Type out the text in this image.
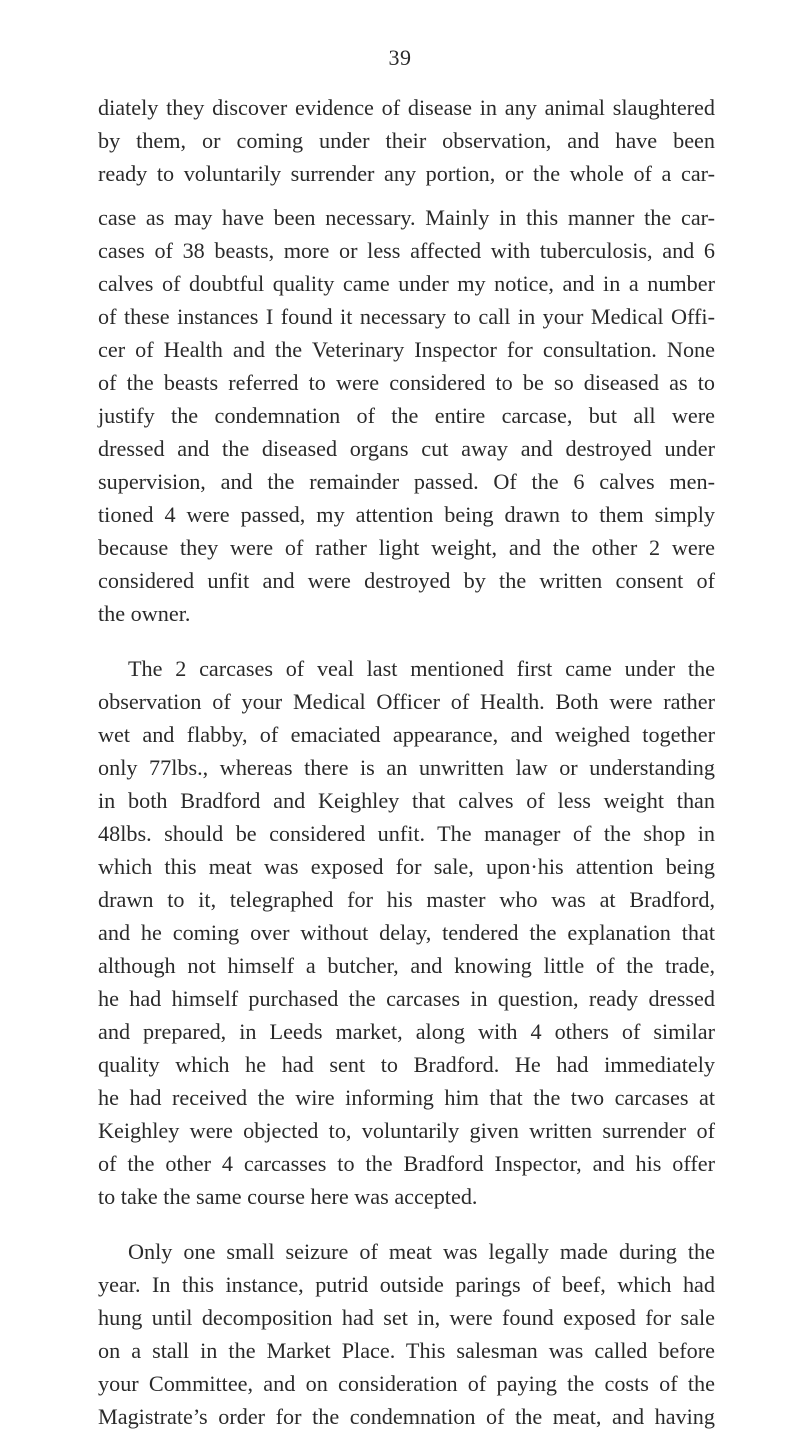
39

diately they discover evidence of disease in any animal slaughtered
by them, or coming under their observation, and have been
ready to voluntarily surrender any portion, or the whole of a car-
case as may have been necessary. Mainly in this manner the car-
cases of 38 beasts, more or less affected with tuberculosis, and 6
calves of doubtful quality came under my notice, and in a number
of these instances I found it necessary to call in your Medical Offi-
cer of Health and the Veterinary Inspector for consultation. None
of the beasts referred to were considered to be so diseased as to
justify the condemnation of the entire carcase, but all were
dressed and the diseased organs cut away and destroyed under
supervision, and the remainder passed. Of the 6 calves men-
tioned 4 were passed, my attention being drawn to them simply
because they were of rather light weight, and the other 2 were
considered unfit and were destroyed by the written consent of
the owner.

The 2 carcases of veal last mentioned first came under the
observation of your Medical Officer of Health. Both were rather
wet and flabby, of emaciated appearance, and weighed together
only 77lbs., whereas there is an unwritten law or understanding
in both Bradford and Keighley that calves of less weight than
48lbs. should be considered unfit. The manager of the shop in
which this meat was exposed for sale, upon·his attention being
drawn to it, telegraphed for his master who was at Bradford,
and he coming over without delay, tendered the explanation that
although not himself a butcher, and knowing little of the trade,
he had himself purchased the carcases in question, ready dressed
and prepared, in Leeds market, along with 4 others of similar
quality which he had sent to Bradford. He had immediately
he had received the wire informing him that the two carcases at
Keighley were objected to, voluntarily given written surrender of
of the other 4 carcasses to the Bradford Inspector, and his offer
to take the same course here was accepted.

Only one small seizure of meat was legally made during the
year. In this instance, putrid outside parings of beef, which had
hung until decomposition had set in, were found exposed for sale
on a stall in the Market Place. This salesman was called before
your Committee, and on consideration of paying the costs of the
Magistrate’s order for the condemnation of the meat, and having
